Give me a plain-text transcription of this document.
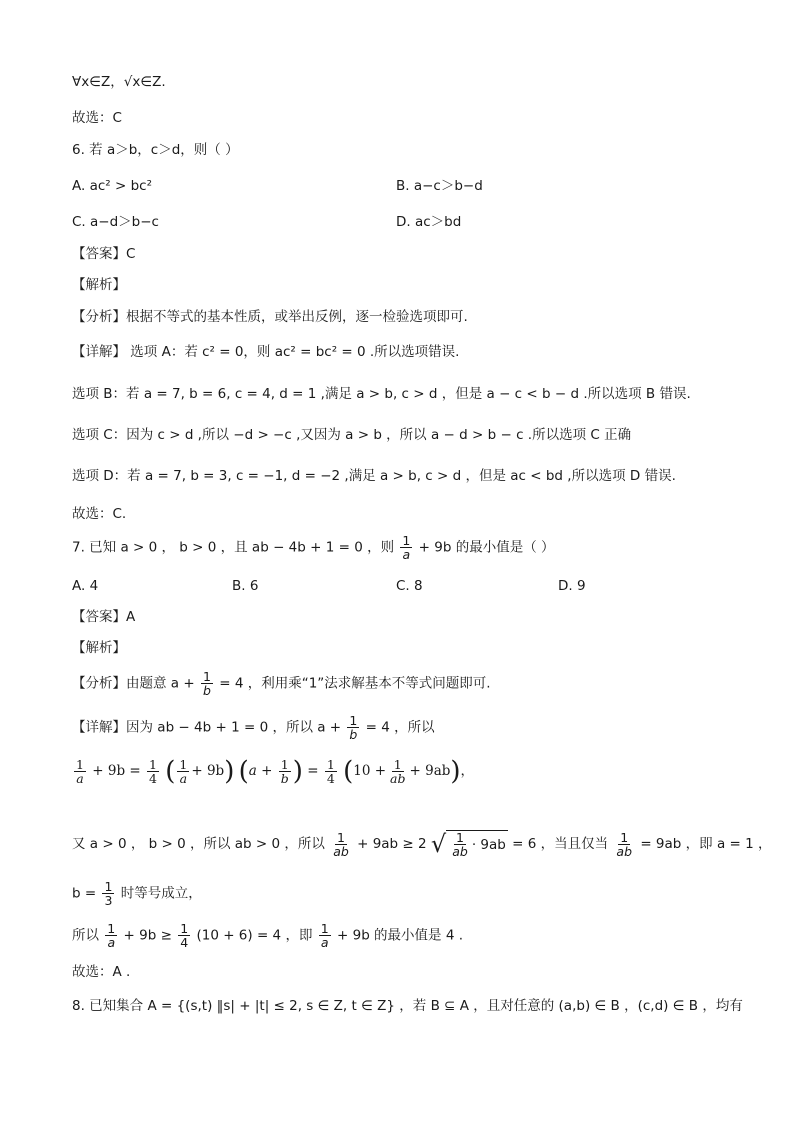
∀x∈Z，√x∈Z.
故选：C
6. 若 a＞b，c＞d，则（ ）
A. ac² > bc²	B. a−c＞b−d
C. a−d＞b−c	D. ac＞bd
【答案】C
【解析】
【分析】根据不等式的基本性质，或举出反例，逐一检验选项即可.
【详解】 选项 A：若 c² = 0，则 ac² = bc² = 0 .所以选项错误.
选项 B：若 a = 7, b = 6, c = 4, d = 1 ,满足 a > b, c > d ，但是 a − c < b − d .所以选项 B 错误.
选项 C：因为 c > d ,所以 −d > −c ,又因为 a > b ，所以 a − d > b − c .所以选项 C 正确
选项 D：若 a = 7, b = 3, c = −1, d = −2 ,满足 a > b, c > d ，但是 ac < bd ,所以选项 D 错误.
故选：C.
7. 已知 a > 0 ， b > 0 ，且 ab − 4b + 1 = 0 ，则 $\frac{1}{a} + 9b$ 的最小值是（ ）
A. 4	B. 6	C. 8	D. 9
【答案】A
【解析】
【分析】由题意 $a + \frac{1}{b} = 4$ ，利用乘“1”法求解基本不等式问题即可.
【详解】因为 ab − 4b + 1 = 0 ，所以 $a + \frac{1}{b} = 4$ ，所以
$\frac{1}{a} + 9b = \frac{1}{4}$ ( $\frac{1}{a} + 9b$) ($a + \frac{1}{b}$ ) = $\frac{1}{4} (10 + \frac{1}{ab} + 9ab)$，
又 a > 0 ， b > 0 ，所以 ab > 0 ，所以 $\frac{1}{ab} + 9ab \ge 2$ √ $\frac{1}{ab} \cdot 9ab = 6$ ，当且仅当 $\frac{1}{ab} = 9ab$ ，即 a = 1 ，
$b = \frac{1}{3}$ 时等号成立，
所以 $\frac{1}{a} + 9b \ge \frac{1}{4} (10 + 6) = 4$ ，即 $\frac{1}{a} + 9b$ 的最小值是 4 .
故选：A .
8. 已知集合 A = {(s,t) ‖s| + |t| ≤ 2, s ∈ Z, t ∈ Z} ，若 B ⊆ A ，且对任意的 (a,b) ∈ B ，(c,d) ∈ B ，均有
